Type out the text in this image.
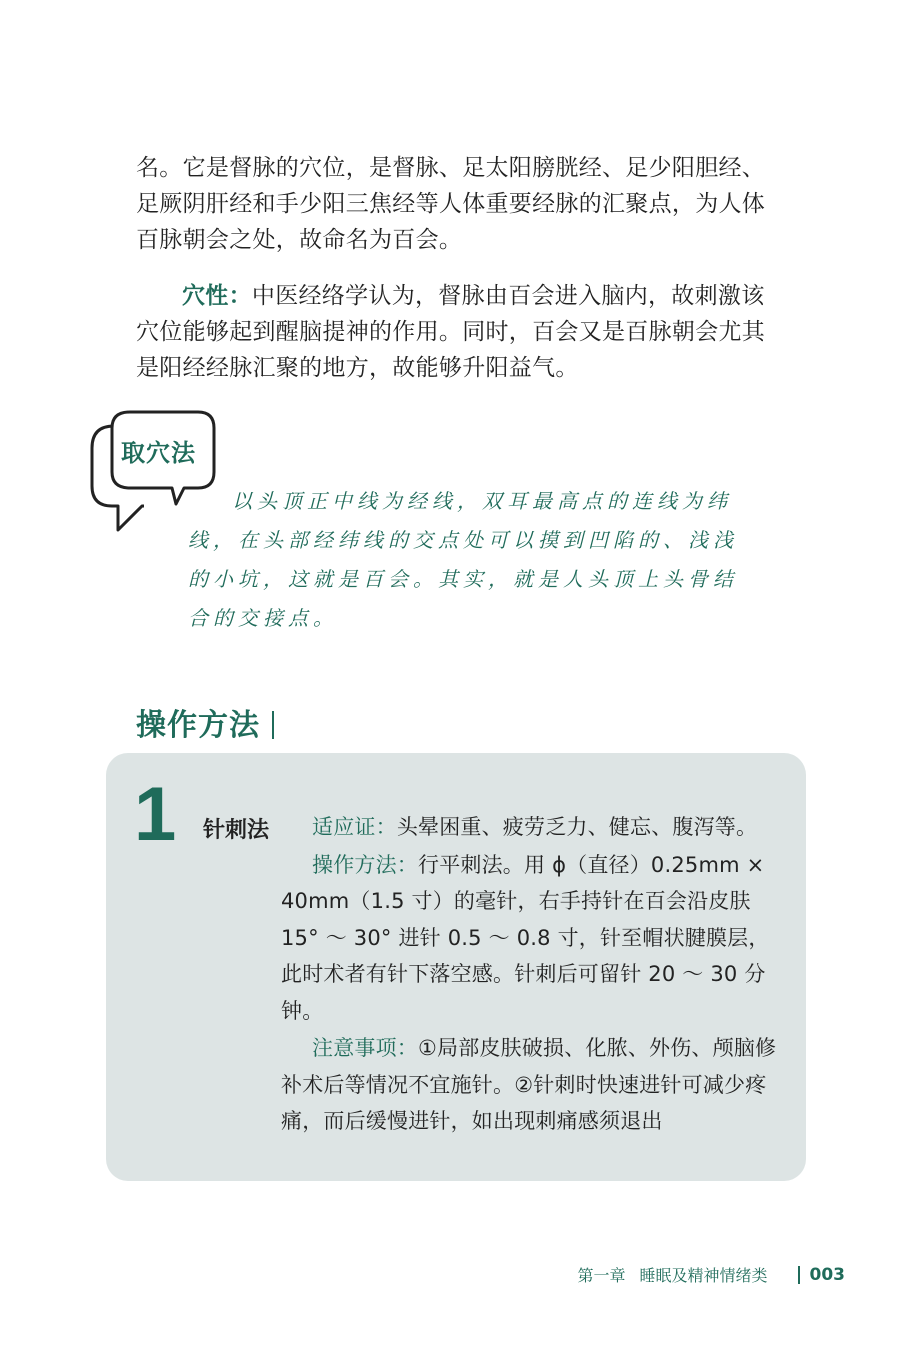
名。它是督脉的穴位，是督脉、足太阳膀胱经、足少阳胆经、足厥阴肝经和手少阳三焦经等人体重要经脉的汇聚点，为人体百脉朝会之处，故命名为百会。

穴性：中医经络学认为，督脉由百会进入脑内，故刺激该穴位能够起到醒脑提神的作用。同时，百会又是百脉朝会尤其是阳经经脉汇聚的地方，故能够升阳益气。

取穴法

以头顶正中线为经线，双耳最高点的连线为纬线，在头部经纬线的交点处可以摸到凹陷的、浅浅的小坑，这就是百会。其实，就是人头顶上头骨结合的交接点。

操作方法
1 针刺法	适应证：头晕困重、疲劳乏力、健忘、腹泻等。

操作方法：行平刺法。用 ϕ（直径）0.25mm × 40mm（1.5 寸）的毫针，右手持针在百会沿皮肤 15° ～ 30° 进针 0.5 ～ 0.8 寸，针至帽状腱膜层，此时术者有针下落空感。针刺后可留针 20 ～ 30 分钟。

注意事项：①局部皮肤破损、化脓、外伤、颅脑修补术后等情况不宜施针。②针刺时快速进针可减少疼痛，而后缓慢进针，如出现刺痛感须退出

第一章 睡眠及精神情绪类 003
